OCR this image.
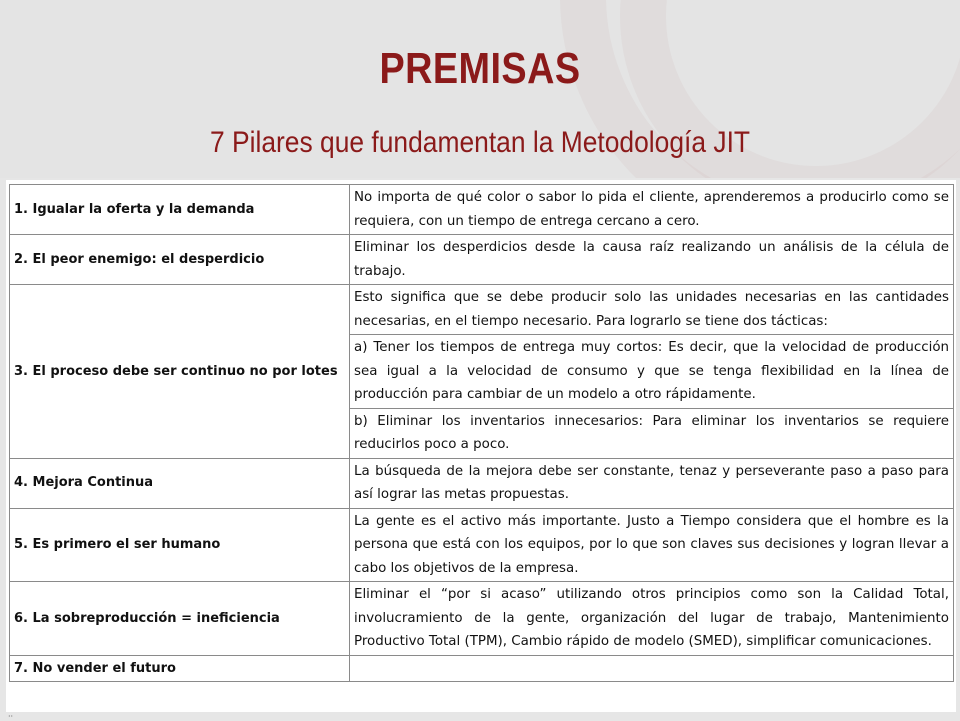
PREMISAS
7 Pilares que fundamentan la Metodología JIT
1. Igualar la oferta y la demanda	No importa de qué color o sabor lo pida el cliente, aprenderemos a producirlo como se requiera, con un tiempo de entrega cercano a cero.
2. El peor enemigo: el desperdicio	Eliminar los desperdicios desde la causa raíz realizando un análisis de la célula de trabajo.
3. El proceso debe ser continuo no por lotes	Esto significa que se debe producir solo las unidades necesarias en las cantidades necesarias, en el tiempo necesario. Para lograrlo se tiene dos tácticas:
	a) Tener los tiempos de entrega muy cortos: Es decir, que la velocidad de producción sea igual a la velocidad de consumo y que se tenga flexibilidad en la línea de producción para cambiar de un modelo a otro rápidamente.
	b) Eliminar los inventarios innecesarios: Para eliminar los inventarios se requiere reducirlos poco a poco.
4. Mejora Continua	La búsqueda de la mejora debe ser constante, tenaz y perseverante paso a paso para así lograr las metas propuestas.
5. Es primero el ser humano	La gente es el activo más importante. Justo a Tiempo considera que el hombre es la persona que está con los equipos, por lo que son claves sus decisiones y logran llevar a cabo los objetivos de la empresa.
6. La sobreproducción = ineficiencia	Eliminar el “por si acaso” utilizando otros principios como son la Calidad Total, involucramiento de la gente, organización del lugar de trabajo, Mantenimiento Productivo Total (TPM), Cambio rápido de modelo (SMED), simplificar comunicaciones.
7. No vender el futuro	
··
